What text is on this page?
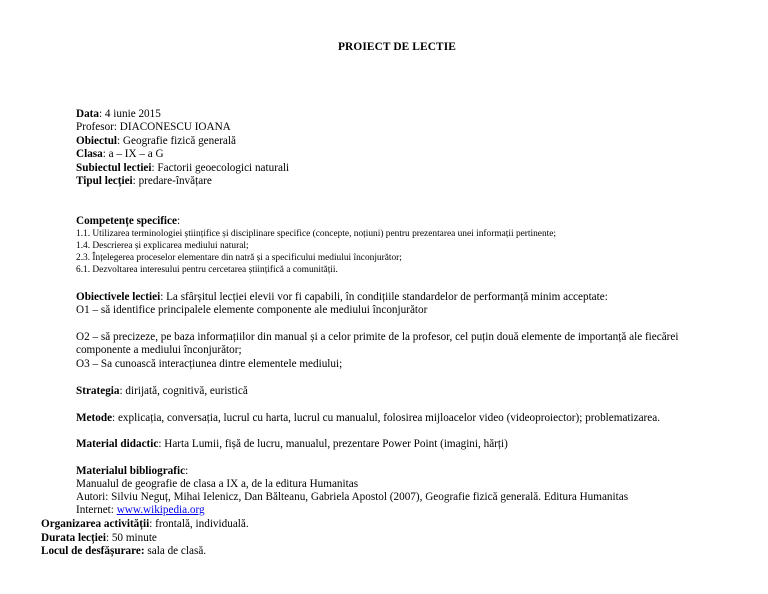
PROIECT DE LECTIE
Data: 4 iunie 2015
Profesor: DIACONESCU IOANA
Obiectul: Geografie fizică generală
Clasa: a – IX – a G
Subiectul lectiei: Factorii geoecologici naturali
Tipul lecției: predare-învățare
Competențe specifice:
1.1. Utilizarea terminologiei științifice și disciplinare specifice (concepte, noțiuni) pentru prezentarea unei informații pertinente;
1.4. Descrierea și explicarea mediului natural;
2.3. Înțelegerea proceselor elementare din natră și a specificului mediului înconjurător;
6.1. Dezvoltarea interesului pentru cercetarea științifică a comunității.
Obiectivele lectiei: La sfârșitul lecției elevii vor fi capabili, în condițiile standardelor de performanță minim acceptate:
O1 – să identifice principalele elemente componente ale mediului înconjurător
O2 – să precizeze, pe baza informațiilor din manual și a celor primite de la profesor, cel puțin două elemente de importanță ale fiecărei
componente a mediului înconjurător;
O3 – Sa cunoască interacțiunea dintre elementele mediului;
Strategia: dirijată, cognitivă, euristică
Metode: explicația, conversația, lucrul cu harta, lucrul cu manualul, folosirea mijloacelor video (videoproiector); problematizarea.
Material didactic: Harta Lumii, fișă de lucru, manualul, prezentare Power Point (imagini, hărți)
Materialul bibliografic:
Manualul de geografie de clasa a IX a, de la editura Humanitas
Autori: Silviu Neguț, Mihai Ielenicz, Dan Bălteanu, Gabriela Apostol (2007), Geografie fizică generală. Editura Humanitas
Internet: www.wikipedia.org
Organizarea activității: frontală, individuală.
Durata lecției: 50 minute
Locul de desfășurare: sala de clasă.
